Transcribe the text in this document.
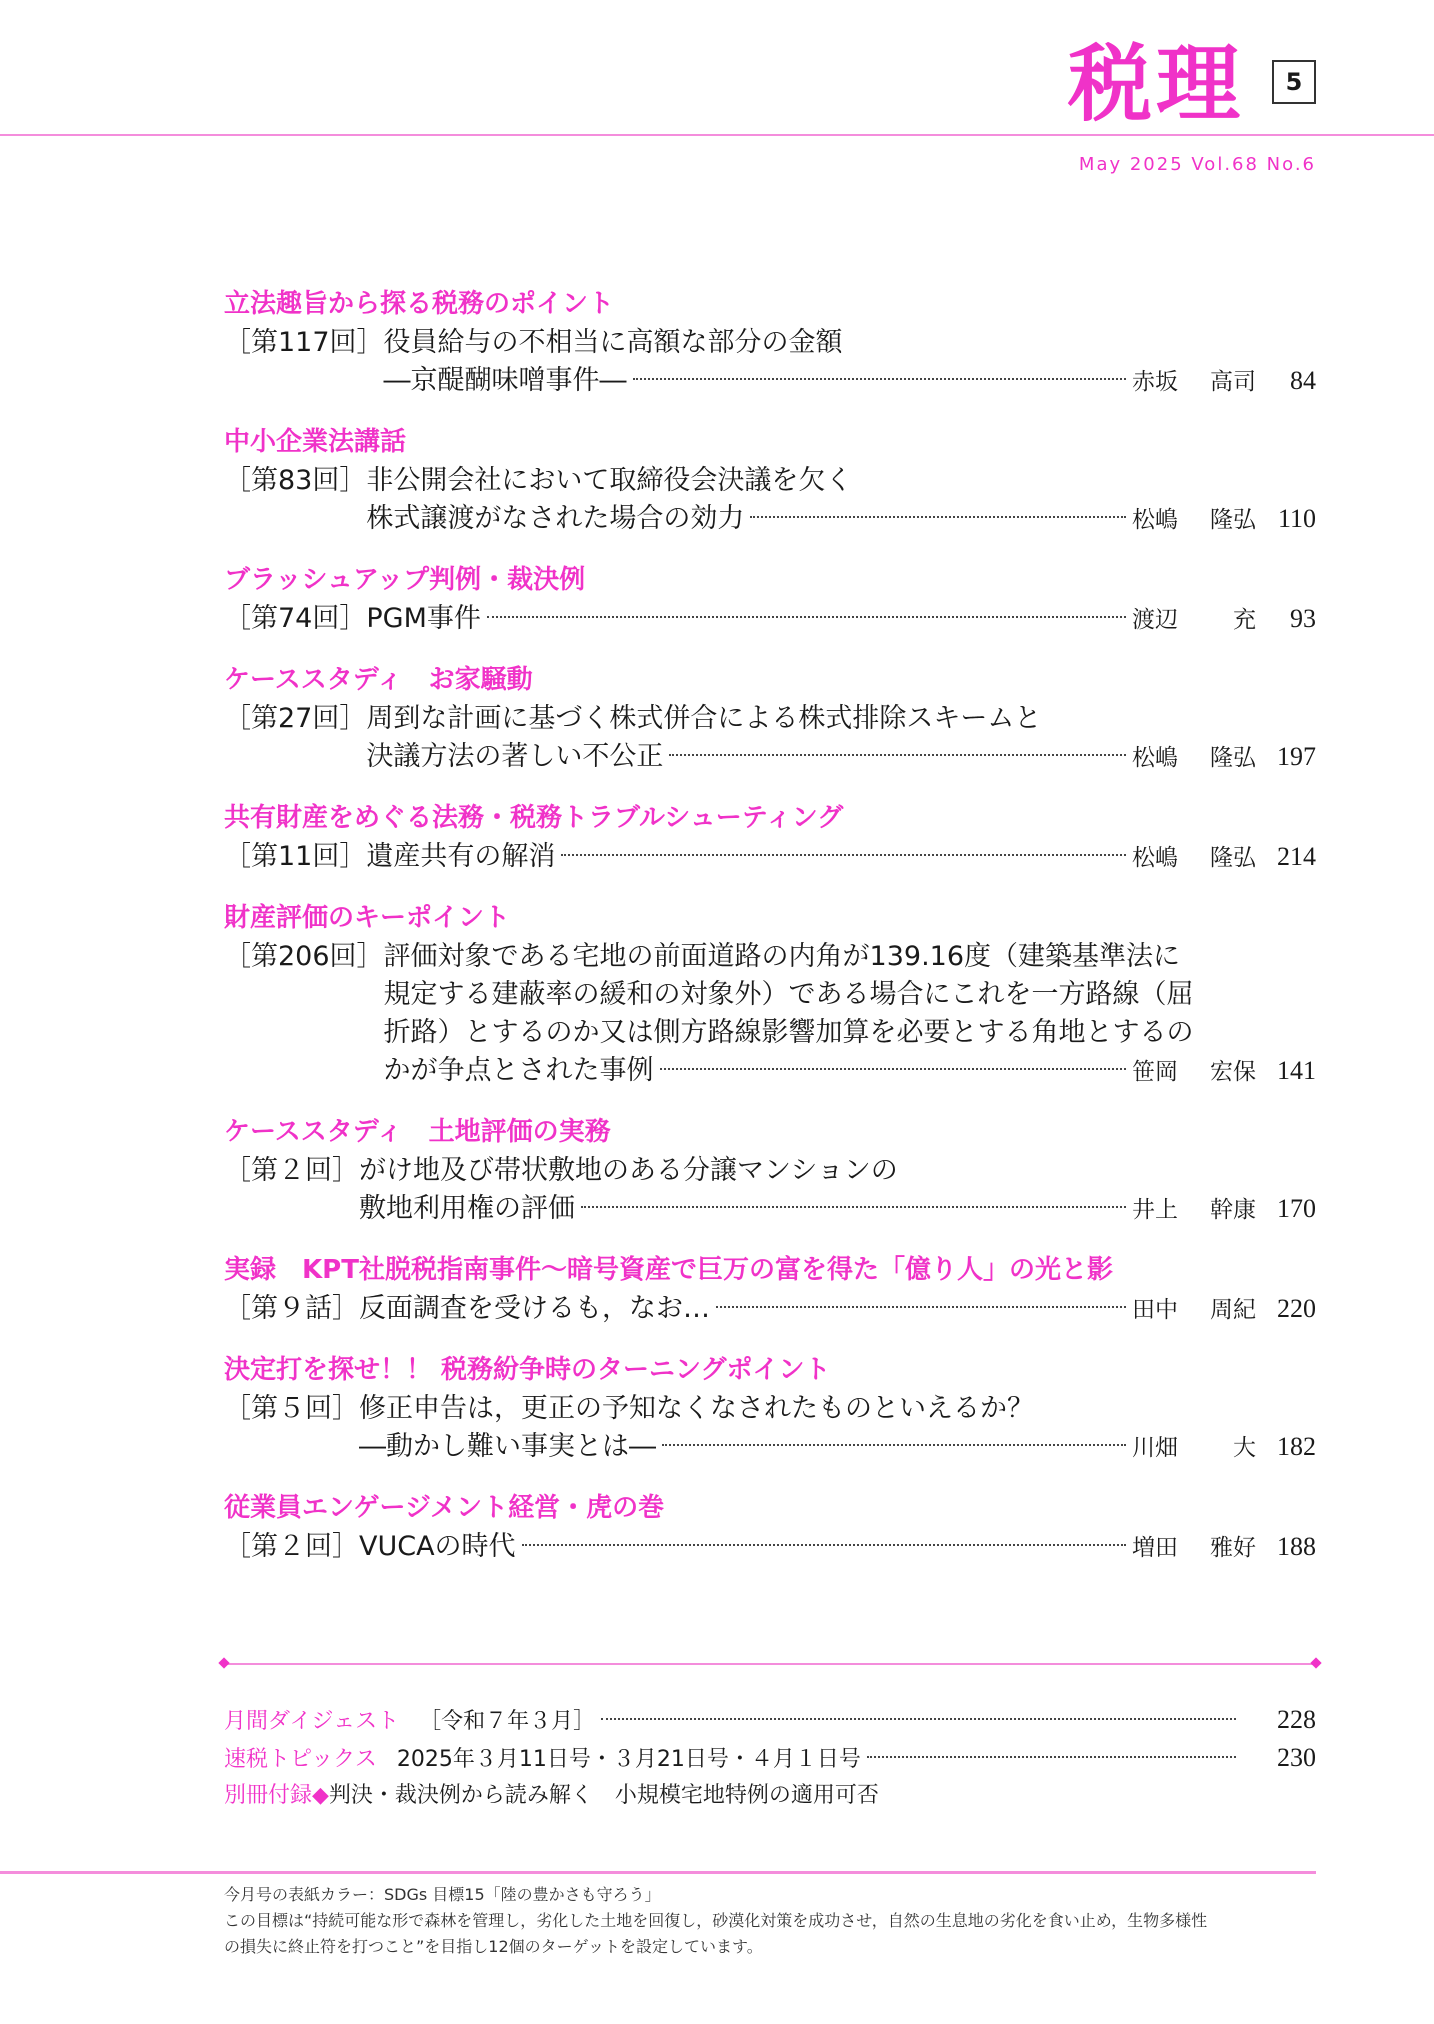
税理	5
May 2025 Vol.68 No.6
立法趣旨から探る税務のポイント
［第117回］ 役員給与の不相当に高額な部分の金額
―京醍醐味噌事件―	赤坂	高司	84
中小企業法講話
［第83回］ 非公開会社において取締役会決議を欠く
株式譲渡がなされた場合の効力	松嶋	隆弘 110
ブラッシュアップ判例・裁決例
［第74回］ PGM事件	渡辺	充	93
ケーススタディ　お家騒動
［第27回］ 周到な計画に基づく株式併合による株式排除スキームと
決議方法の著しい不公正	松嶋	隆弘 197
共有財産をめぐる法務・税務トラブルシューティング
［第11回］ 遺産共有の解消	松嶋	隆弘 214
財産評価のキーポイント
［第206回］ 評価対象である宅地の前面道路の内角が139.16度（建築基準法に
規定する建蔽率の緩和の対象外）である場合にこれを一方路線（屈
折路）とするのか又は側方路線影響加算を必要とする角地とするの
かが争点とされた事例	笹岡	宏保 141
ケーススタディ　土地評価の実務
［第２回］ がけ地及び帯状敷地のある分譲マンションの
敷地利用権の評価	井上	幹康 170
実録　KPT社脱税指南事件～暗号資産で巨万の富を得た「億り人」の光と影
［第９話］ 反面調査を受けるも，なお…	田中	周紀 220
決定打を探せ！！ 税務紛争時のターニングポイント
［第５回］ 修正申告は，更正の予知なくなされたものといえるか？
―動かし難い事実とは―	川畑	大 182
従業員エンゲージメント経営・虎の巻
［第２回］ VUCAの時代	増田	雅好 188
月間ダイジェスト ［令和７年３月］	228
速税トピックス 2025年３月11日号・３月21日号・４月１日号	230
別冊付録◆ 判決・裁決例から読み解く　小規模宅地特例の適用可否
今月号の表紙カラー：SDGs 目標15「陸の豊かさも守ろう」
この目標は“持続可能な形で森林を管理し，劣化した土地を回復し，砂漠化対策を成功させ，自然の生息地の劣化を食い止め，生物多様性
の損失に終止符を打つこと”を目指し12個のターゲットを設定しています。
